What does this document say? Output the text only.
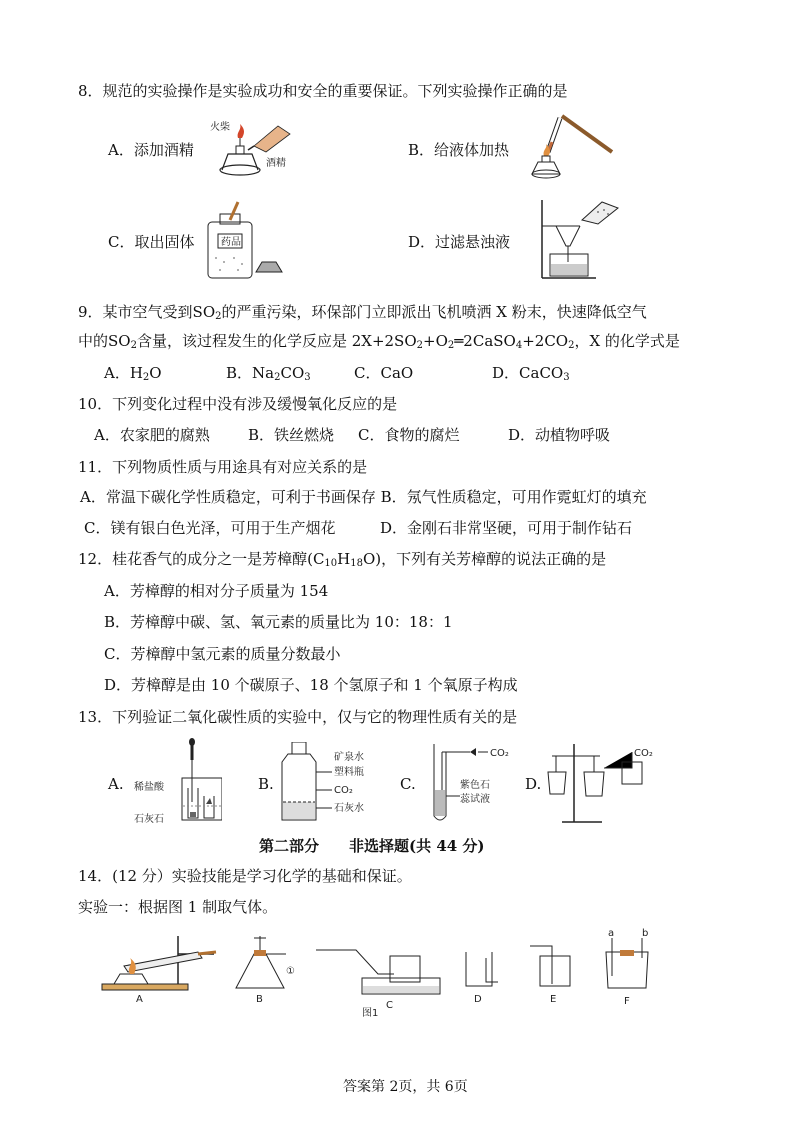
8．规范的实验操作是实验成功和安全的重要保证。下列实验操作正确的是
A．添加酒精	B．给液体加热
C．取出固体	D．过滤悬浊液
火柴
酒精
药品
9．某市空气受到$SO_2$的严重污染，环保部门立即派出飞机喷洒 X 粉末，快速降低空气
中的$SO_2$含量，该过程发生的化学反应是 $2X+2SO_2+O_2═2CaSO_4+2CO_2$，X 的化学式是
A．$H_2O$	B．$Na_2CO_3$	C．CaO	D．CaCO$_3$
10．下列变化过程中没有涉及缓慢氧化反应的是
A．农家肥的腐熟	B．铁丝燃烧 C．食物的腐烂	D．动植物呼吸
11．下列物质性质与用途具有对应关系的是
A．常温下碳化学性质稳定，可利于书画保存 B．氖气性质稳定，可用作霓虹灯的填充
C．镁有银白色光泽，可用于生产烟花	D．金刚石非常坚硬，可用于制作钻石
12．桂花香气的成分之一是芳樟醇$(C_{10}H_{18}O)$，下列有关芳樟醇的说法正确的是
A．芳樟醇的相对分子质量为 154
B．芳樟醇中碳、氢、氧元素的质量比为 10：18：1
C．芳樟醇中氢元素的质量分数最小
D．芳樟醇是由 10 个碳原子、18 个氢原子和 1 个氧原子构成
13．下列验证二氧化碳性质的实验中，仅与它的物理性质有关的是
A.	B.	C.	D.
稀盐酸
石灰石
矿泉水
塑料瓶
CO₂
石灰水
CO₂
紫色石
蕊试液
CO₂
第二部分　　非选择题(共 44 分)
14．(12 分）实验技能是学习化学的基础和保证。
实验一：根据图 1 制取气体。
A
①
B
C
D	E
a	b
F
图1
答案第 2页，共 6页
